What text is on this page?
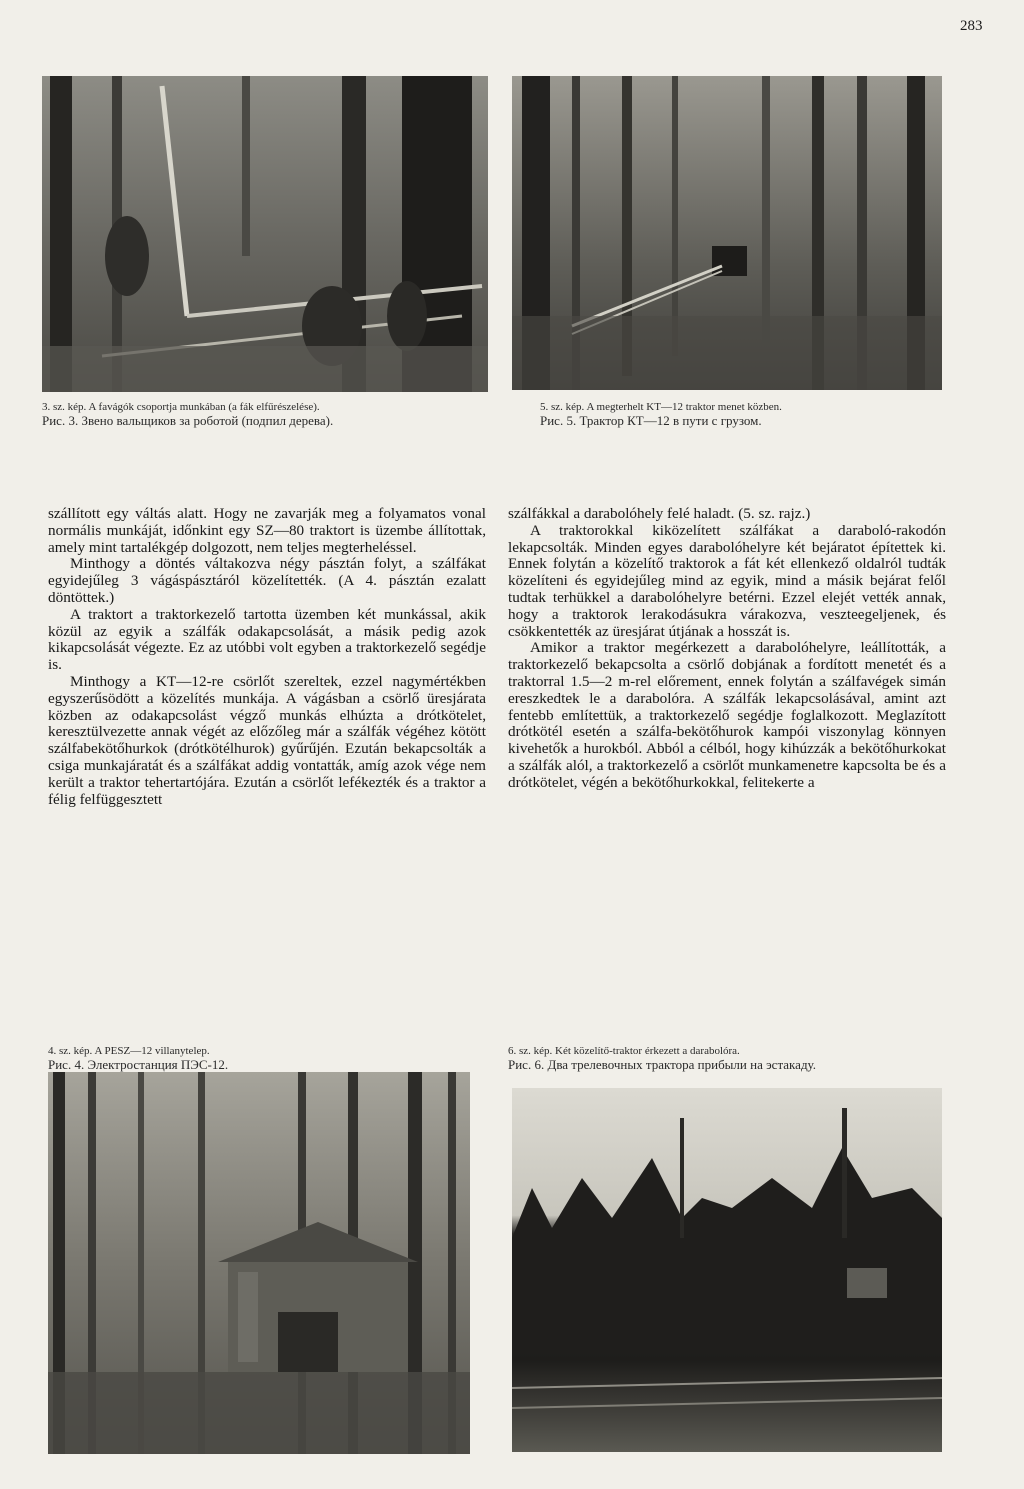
283
3. sz. kép. A favágók csoportja munkában (a fák elfűrészelése).
Рис. 3. Звено вальщиков за роботой (подпил дерева).
5. sz. kép. A megterhelt KT—12 traktor menet közben.
Рис. 5. Трактор КТ—12 в пути с грузом.

szállított egy váltás alatt. Hogy ne zavarják meg a folyamatos vonal normális munkáját, időnkint egy SZ—80 traktort is üzembe állítottak, amely mint tartalékgép dolgozott, nem teljes megterheléssel.

Minthogy a döntés váltakozva négy pásztán folyt, a szálfákat egyidejűleg 3 vágáspásztáról közelítették. (A 4. pásztán ezalatt döntöttek.)

A traktort a traktorkezelő tartotta üzemben két munkással, akik közül az egyik a szálfák odakapcsolását, a másik pedig azok kikapcsolását végezte. Ez az utóbbi volt egyben a traktorkezelő segédje is.

Minthogy a KT—12-re csörlőt szereltek, ezzel nagymértékben egyszerűsödött a közelítés munkája. A vágásban a csörlő üresjárata közben az odakapcsolást végző munkás elhúzta a drótkötelet, keresztülvezette annak végét az előzőleg már a szálfák végéhez kötött szálfabekötőhurkok (drótkötélhurok) gyűrűjén. Ezután bekapcsolták a csiga munkajáratát és a szálfákat addig vontatták, amíg azok vége nem került a traktor tehertartójára. Ezután a csörlőt lefékezték és a traktor a félig felfüggesztett

szálfákkal a darabolóhely felé haladt. (5. sz. rajz.)

A traktorokkal kiközelített szálfákat a daraboló-rakodón lekapcsolták. Minden egyes darabolóhelyre két bejáratot építettek ki. Ennek folytán a közelítő traktorok a fát két ellenkező oldalról tudták közelíteni és egyidejűleg mind az egyik, mind a másik bejárat felől tudtak terhükkel a darabolóhelyre betérni. Ezzel elejét vették annak, hogy a traktorok lerakodásukra várakozva, veszteegeljenek, és csökkentették az üresjárat útjának a hosszát is.

Amikor a traktor megérkezett a darabolóhelyre, leállították, a traktorkezelő bekapcsolta a csörlő dobjának a fordított menetét és a traktorral 1.5—2 m-rel előrement, ennek folytán a szálfavégek simán ereszkedtek le a darabolóra. A szálfák lekapcsolásával, amint azt fentebb említettük, a traktorkezelő segédje foglalkozott. Meglazított drótkötél esetén a szálfa-bekötőhurok kampói viszonylag könnyen kivehetők a hurokból. Abból a célból, hogy kihúzzák a bekötőhurkokat a szálfák alól, a traktorkezelő a csörlőt munkamenetre kapcsolta be és a drótkötelet, végén a bekötőhurkokkal, felitekerte a

4. sz. kép. A PESZ—12 villanytelep.
Рис. 4. Электростанция ПЭС-12.
6. sz. kép. Két közelítő-traktor érkezett a darabolóra.
Рис. 6. Два трелевочных трактора прибыли на эстакаду.
